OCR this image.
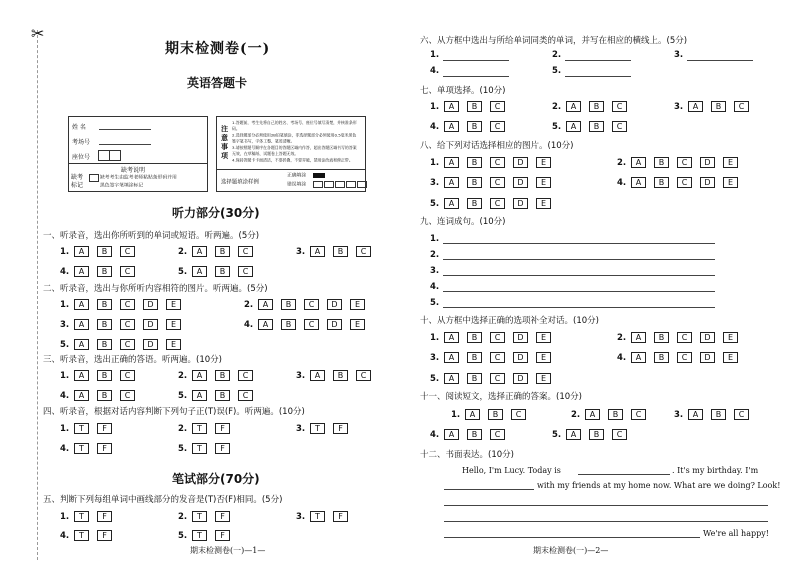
✂
期末检测卷(一)
英语答题卡
姓 名
考场号
座位号
缺考说明
缺考
标记
缺考考生由监考老师粘贴条形码并用
黑色签字笔填涂标记
注意事项
1.答题前，考生先将自己的姓名、考场号、座位号填写清楚，并核准条形码。
2.选择题部分必须使用2B铅笔填涂，非选择题部分必须使用0.5毫米黑色签字笔书写，字体工整、笔迹清晰。
3.请按照题号顺序在各题目的答题区域内作答，超出答题区域书写的答案无效，在草稿纸、试题卷上答题无效。
4.保持答题卡卡面清洁，不要折叠，不要弄破，禁用涂改液和修正带。
选择题填涂样例
正确填涂
错误填涂
听力部分(30分)
一、听录音，选出你所听到的单词或短语。听两遍。(5分)
二、听录音，选出与你所听内容相符的图片。听两遍。(5分)
三、听录音，选出正确的答语。听两遍。(10分)
四、听录音，根据对话内容判断下列句子正(T)误(F)。听两遍。(10分)
笔试部分(70分)
五、判断下列每组单词中画线部分的发音是(T)否(F)相同。(5分)
期末检测卷(一)—1—
六、从方框中选出与所给单词同类的单词，并写在相应的横线上。(5分)
1.	2.	3.
4.	5.
七、单项选择。(10分)
八、给下列对话选择相应的图片。(10分)
九、连词成句。(10分)
1.
2.
3.
4.
5.
十、从方框中选择正确的选项补全对话。(10分)
十一、阅读短文，选择正确的答案。(10分)
十二、书面表达。(10分)
Hello, I'm Lucy. Today is	. It's my birthday. I'm
with my friends at my home now. What are we doing? Look!
We're all happy!
期末检测卷(一)—2—
1.	A	B	C	2.	A	B	C	3.	A	B	C
4.	A	B	C	5.	A	B	C
1.	A	B	C	D	E	2.	A	B	C	D	E
3.	A	B	C	D	E	4.	A	B	C	D	E
5.	A	B	C	D	E
1.	A	B	C	2.	A	B	C	3.	A	B	C
4.	A	B	C	5.	A	B	C
1.	T	F	2.	T	F	3.	T	F
4.	T	F	5.	T	F
1.	T	F	2.	T	F	3.	T	F
4.	T	F	5.	T	F
1.	A	B	C	2.	A	B	C	3.	A	B	C
4.	A	B	C	5.	A	B	C
1.	A	B	C	D	E	2.	A	B	C	D	E
3.	A	B	C	D	E	4.	A	B	C	D	E
5.	A	B	C	D	E
1.	A	B	C	D	E	2.	A	B	C	D	E
3.	A	B	C	D	E	4.	A	B	C	D	E
5.	A	B	C	D	E
1.	A	B	C	2.	A	B	C	3.	A	B	C
4.	A	B	C	5.	A	B	C
